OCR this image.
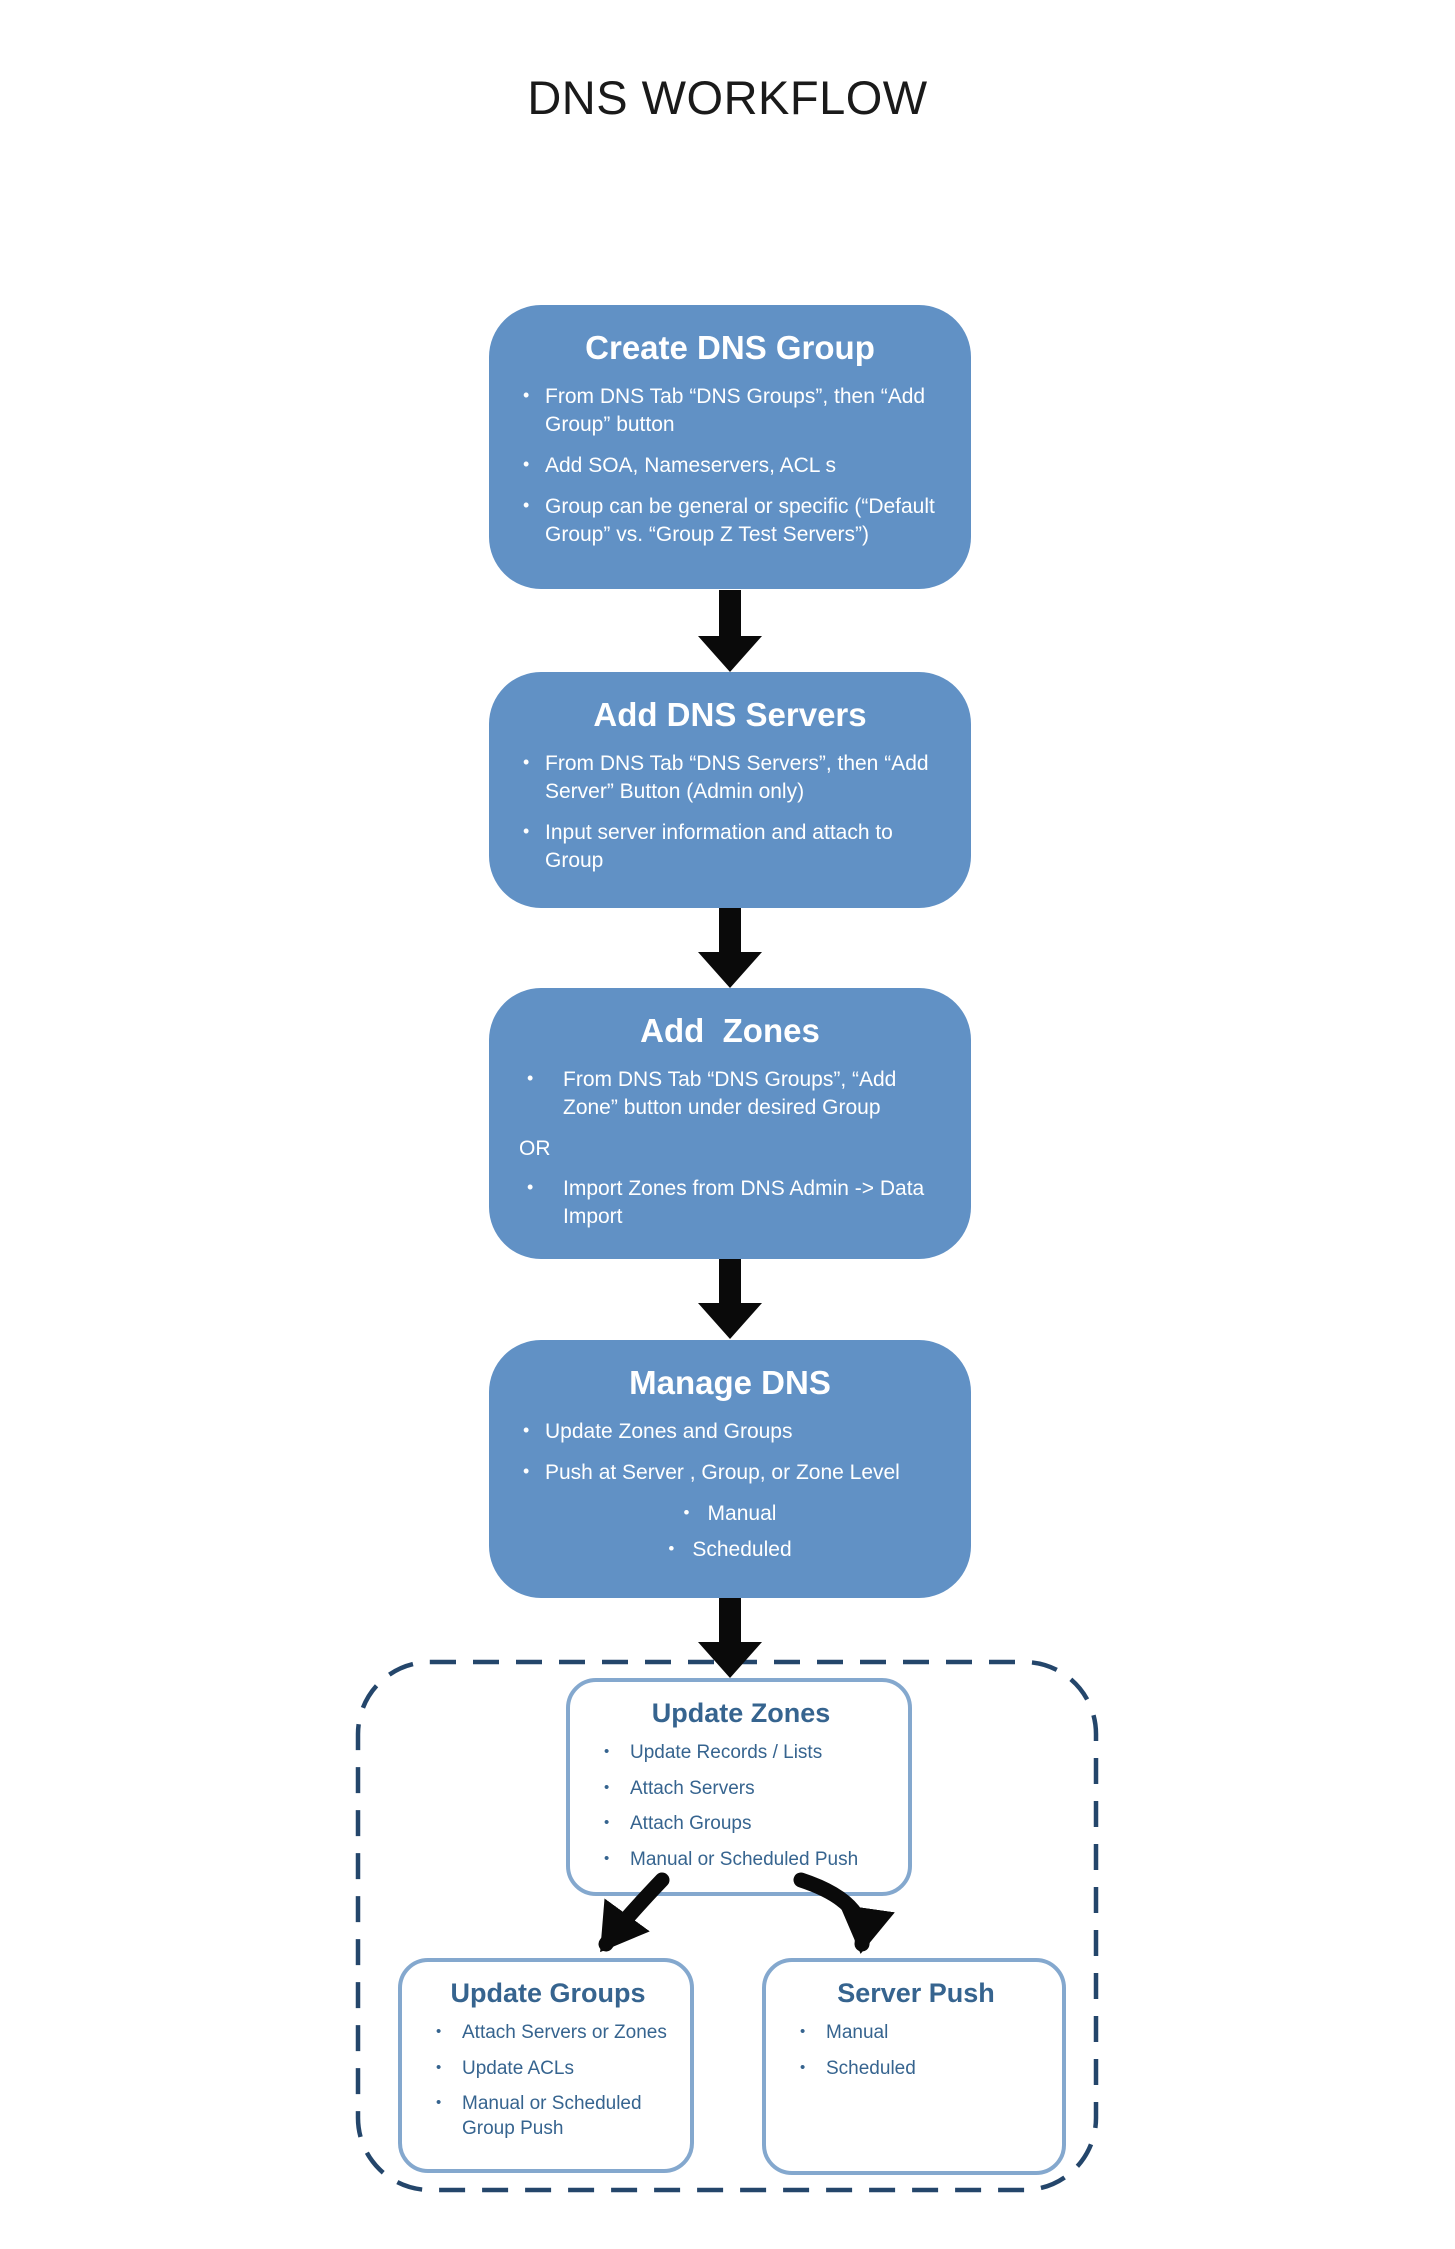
DNS WORKFLOW
Create DNS Group
• From DNS Tab “DNS Groups”, then “Add Group” button
• Add SOA, Nameservers, ACL s
• Group can be general or specific (“Default Group” vs. “Group Z Test Servers”)
Add DNS Servers
• From DNS Tab “DNS Servers”, then “Add Server” Button (Admin only)
• Input server information and attach to Group
Add  Zones
• From DNS Tab “DNS Groups”, “Add Zone” button under desired Group
OR
• Import Zones from DNS Admin -> Data Import
Manage DNS
• Update Zones and Groups
• Push at Server , Group, or Zone Level
• Manual
• Scheduled
Update Zones
• Update Records / Lists
• Attach Servers
• Attach Groups
• Manual or Scheduled Push
Update Groups
• Attach Servers or Zones
• Update ACLs
• Manual or Scheduled Group Push
Server Push
• Manual
• Scheduled
